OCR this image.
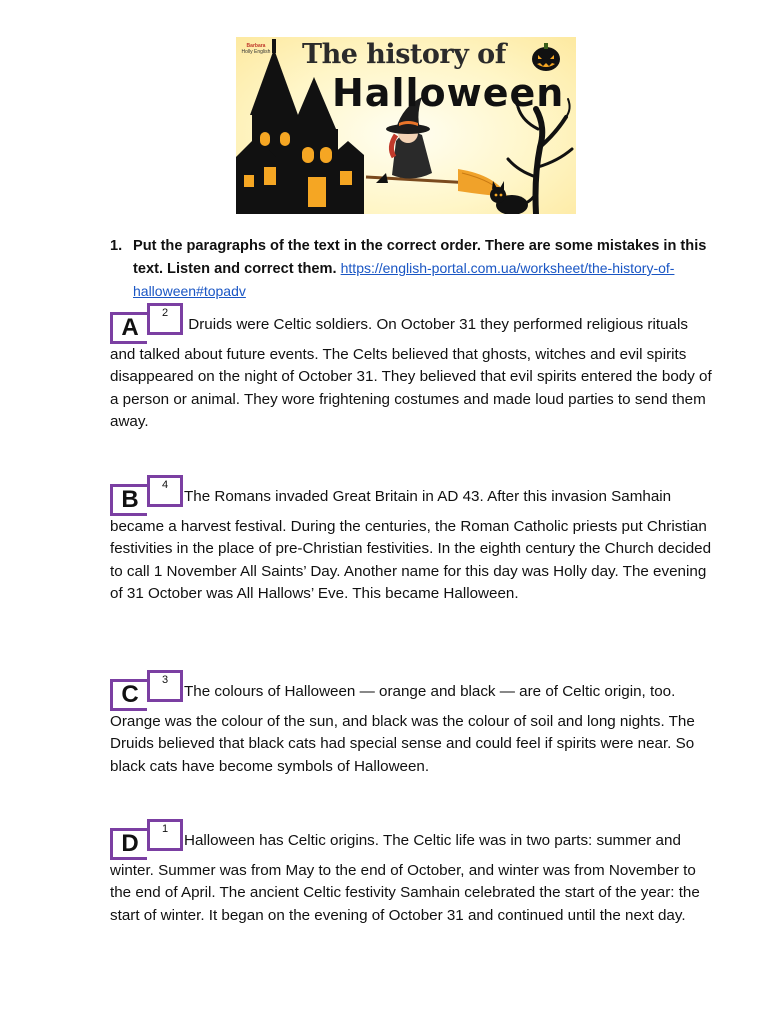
Barbara
Holly English The history of
Halloween
1. Put the paragraphs of the text in the correct order. There are some mistakes in this text. Listen and correct them. https://english-portal.com.ua/worksheet/the-history-of-halloween#topadv
A
2
Druids were Celtic soldiers. On October 31 they performed religious rituals and talked about future events. The Celts believed that ghosts, witches and evil spirits disappeared on the night of October 31. They believed that evil spirits entered the body of a person or animal. They wore frightening costumes and made loud parties to send them away.
B
4
The Romans invaded Great Britain in AD 43. After this invasion Samhain became a harvest festival. During the centuries, the Roman Catholic priests put Christian festivities in the place of pre-Christian festivities. In the eighth century the Church decided to call 1 November All Saints’ Day. Another name for this day was Holly day. The evening of 31 October was All Hallows’ Eve. This became Halloween.
C
3
The colours of Halloween — orange and black — are of Celtic origin, too. Orange was the colour of the sun, and black was the colour of soil and long nights. The Druids believed that black cats had special sense and could feel if spirits were near. So black cats have become symbols of Halloween.
D
1
Halloween has Celtic origins. The Celtic life was in two parts: summer and winter. Summer was from May to the end of October, and winter was from November to the end of April. The ancient Celtic festivity Samhain celebrated the start of the year: the start of winter. It began on the evening of October 31 and continued until the next day.
